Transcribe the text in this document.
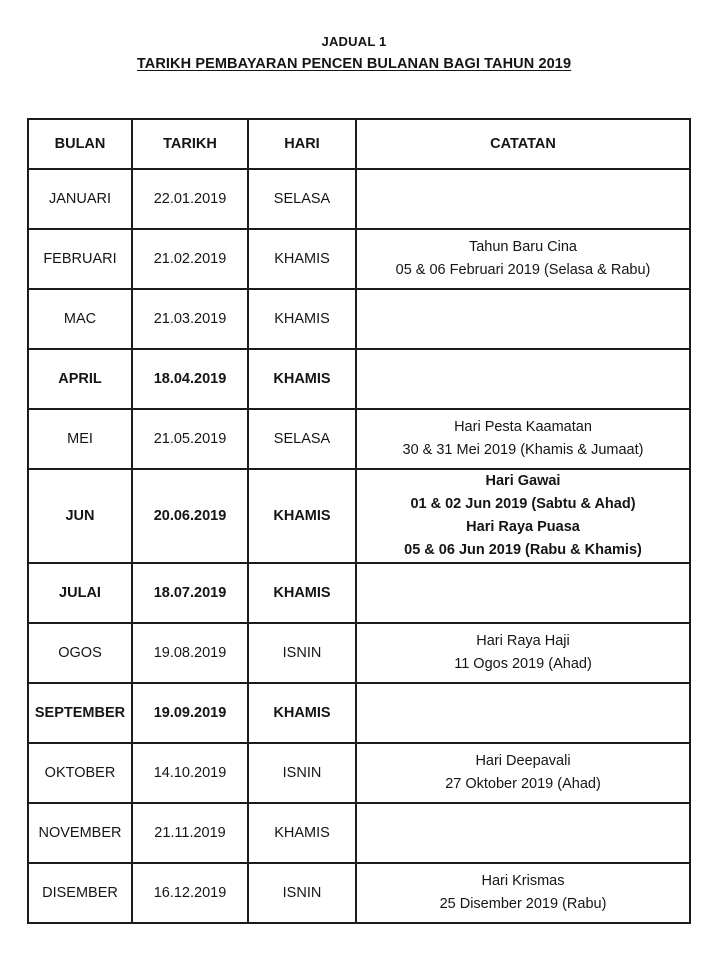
JADUAL 1
TARIKH PEMBAYARAN PENCEN BULANAN BAGI TAHUN 2019
BULAN	TARIKH	HARI	CATATAN
JANUARI	22.01.2019	SELASA	
FEBRUARI	21.02.2019	KHAMIS	Tahun Baru Cina
05 & 06 Februari 2019 (Selasa & Rabu)

MAC	21.03.2019	KHAMIS	
APRIL	18.04.2019	KHAMIS	
MEI	21.05.2019	SELASA	Hari Pesta Kaamatan
30 & 31 Mei 2019 (Khamis & Jumaat)

JUN	20.06.2019	KHAMIS	Hari Gawai
01 & 02 Jun 2019 (Sabtu & Ahad)
Hari Raya Puasa
05 & 06 Jun 2019 (Rabu & Khamis)

JULAI	18.07.2019	KHAMIS	
OGOS	19.08.2019	ISNIN	Hari Raya Haji
11 Ogos 2019 (Ahad)

SEPTEMBER	19.09.2019	KHAMIS	
OKTOBER	14.10.2019	ISNIN	Hari Deepavali
27 Oktober 2019 (Ahad)

NOVEMBER	21.11.2019	KHAMIS	
DISEMBER	16.12.2019	ISNIN	Hari Krismas
25 Disember 2019 (Rabu)
